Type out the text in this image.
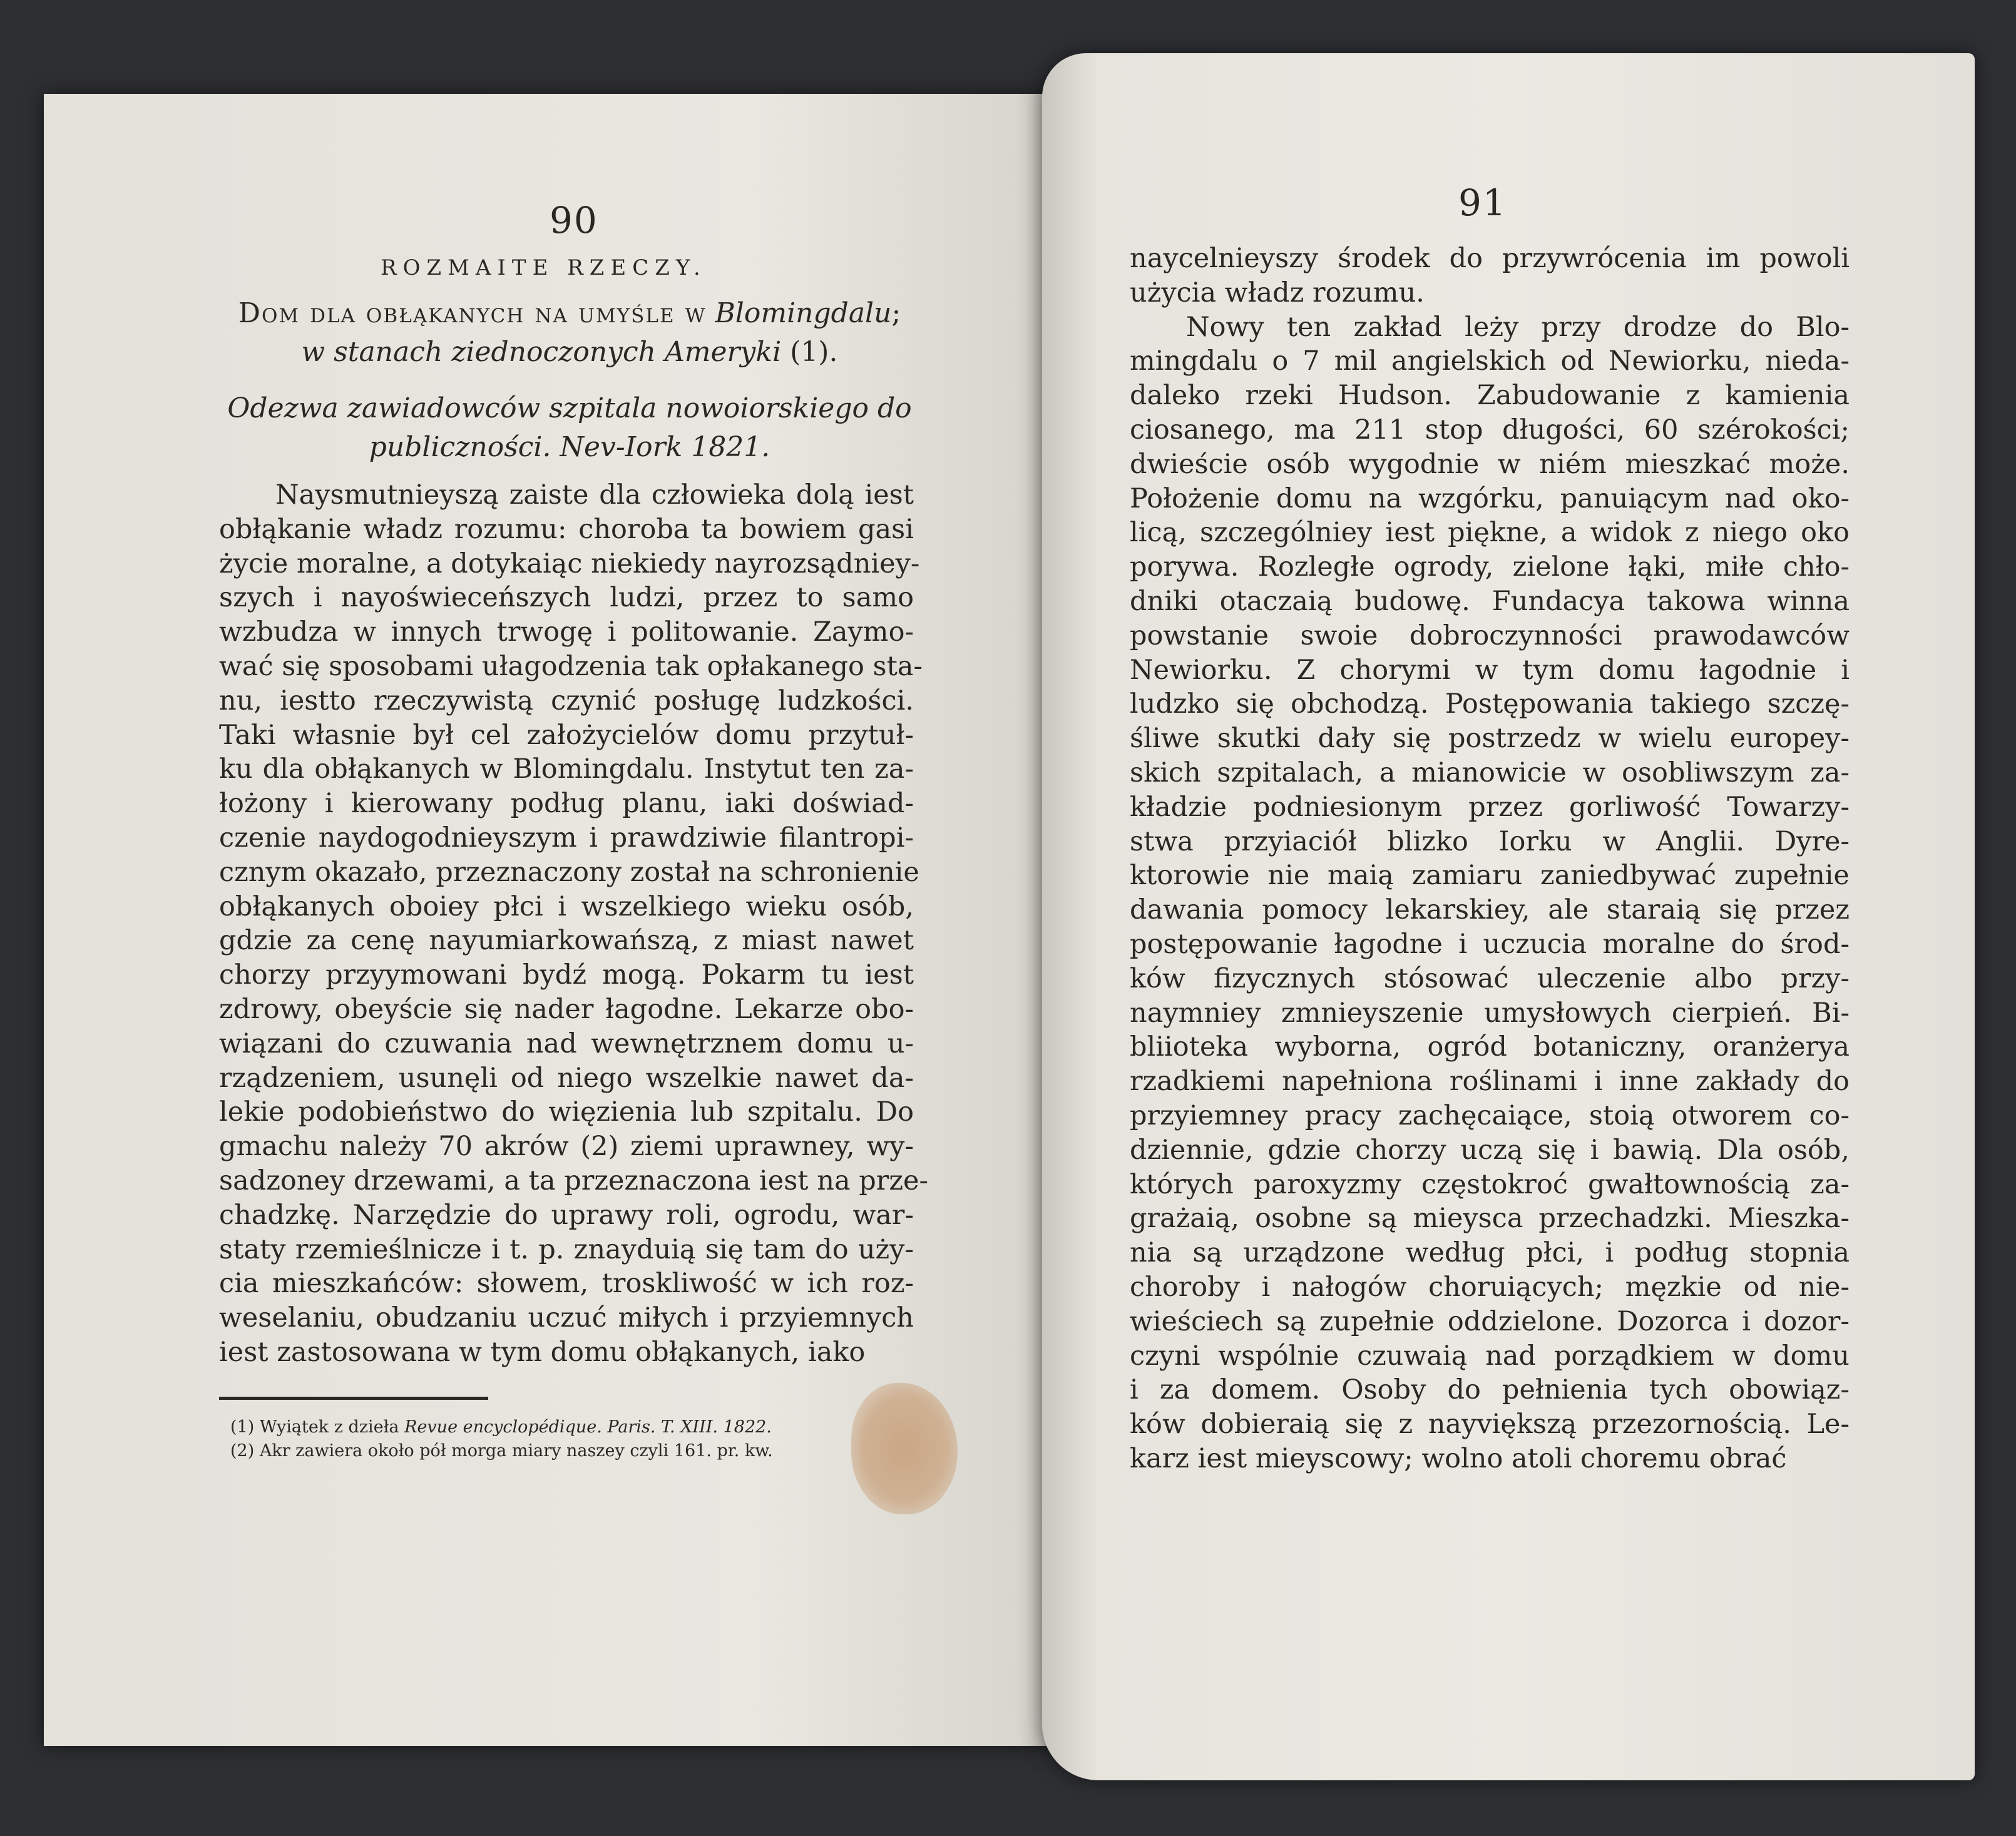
90
ROZMAITE RZECZY.
Dom dla obłąkanych na umyśle w Blomingdalu;
w stanach ziednoczonych Ameryki (1).
Odezwa zawiadowców szpitala nowoiorskiego do
publiczności. Nev-Iork 1821.
Naysmutnieyszą zaiste dla człowieka dolą iest
obłąkanie władz rozumu: choroba ta bowiem gasi
życie moralne, a dotykaiąc niekiedy nayrozsądniey-
szych i nayoświeceńszych ludzi, przez to samo
wzbudza w innych trwogę i politowanie. Zaymo-
wać się sposobami ułagodzenia tak opłakanego sta-
nu, iestto rzeczywistą czynić posługę ludzkości.
Taki własnie był cel założycielów domu przytuł-
ku dla obłąkanych w Blomingdalu. Instytut ten za-
łożony i kierowany podług planu, iaki doświad-
czenie naydogodnieyszym i prawdziwie filantropi-
cznym okazało, przeznaczony został na schronienie
obłąkanych oboiey płci i wszelkiego wieku osób,
gdzie za cenę nayumiarkowańszą, z miast nawet
chorzy przyymowani bydź mogą. Pokarm tu iest
zdrowy, obeyście się nader łagodne. Lekarze obo-
wiązani do czuwania nad wewnętrznem domu u-
rządzeniem, usunęli od niego wszelkie nawet da-
lekie podobieństwo do więzienia lub szpitalu. Do
gmachu należy 70 akrów (2) ziemi uprawney, wy-
sadzoney drzewami, a ta przeznaczona iest na prze-
chadzkę. Narzędzie do uprawy roli, ogrodu, war-
staty rzemieślnicze i t. p. znayduią się tam do uży-
cia mieszkańców: słowem, troskliwość w ich roz-
weselaniu, obudzaniu uczuć miłych i przyiemnych
iest zastosowana w tym domu obłąkanych, iako
(1) Wyiątek z dzieła Revue encyclopédique. Paris. T. XIII. 1822.
(2) Akr zawiera około pół morga miary naszey czyli 161. pr. kw.
91
naycelnieyszy środek do przywrócenia im powoli
użycia władz rozumu.
Nowy ten zakład leży przy drodze do Blo-
mingdalu o 7 mil angielskich od Newiorku, nieda-
daleko rzeki Hudson. Zabudowanie z kamienia
ciosanego, ma 211 stop długości, 60 szérokości;
dwieście osób wygodnie w niém mieszkać może.
Położenie domu na wzgórku, panuiącym nad oko-
licą, szczególniey iest piękne, a widok z niego oko
porywa. Rozległe ogrody, zielone łąki, miłe chło-
dniki otaczaią budowę. Fundacya takowa winna
powstanie swoie dobroczynności prawodawców
Newiorku. Z chorymi w tym domu łagodnie i
ludzko się obchodzą. Postępowania takiego szczę-
śliwe skutki dały się postrzedz w wielu europey-
skich szpitalach, a mianowicie w osobliwszym za-
kładzie podniesionym przez gorliwość Towarzy-
stwa przyiaciół blizko Iorku w Anglii. Dyre-
ktorowie nie maią zamiaru zaniedbywać zupełnie
dawania pomocy lekarskiey, ale staraią się przez
postępowanie łagodne i uczucia moralne do środ-
ków fizycznych stósować uleczenie albo przy-
naymniey zmnieyszenie umysłowych cierpień. Bi-
bliioteka wyborna, ogród botaniczny, oranżerya
rzadkiemi napełniona roślinami i inne zakłady do
przyiemney pracy zachęcaiące, stoią otworem co-
dziennie, gdzie chorzy uczą się i bawią. Dla osób,
których paroxyzmy częstokroć gwałtownością za-
grażaią, osobne są mieysca przechadzki. Mieszka-
nia są urządzone według płci, i podług stopnia
choroby i nałogów choruiących; męzkie od nie-
wieściech są zupełnie oddzielone. Dozorca i dozor-
czyni wspólnie czuwaią nad porządkiem w domu
i za domem. Osoby do pełnienia tych obowiąz-
ków dobieraią się z nayviększą przezornością. Le-
karz iest mieyscowy; wolno atoli choremu obrać
